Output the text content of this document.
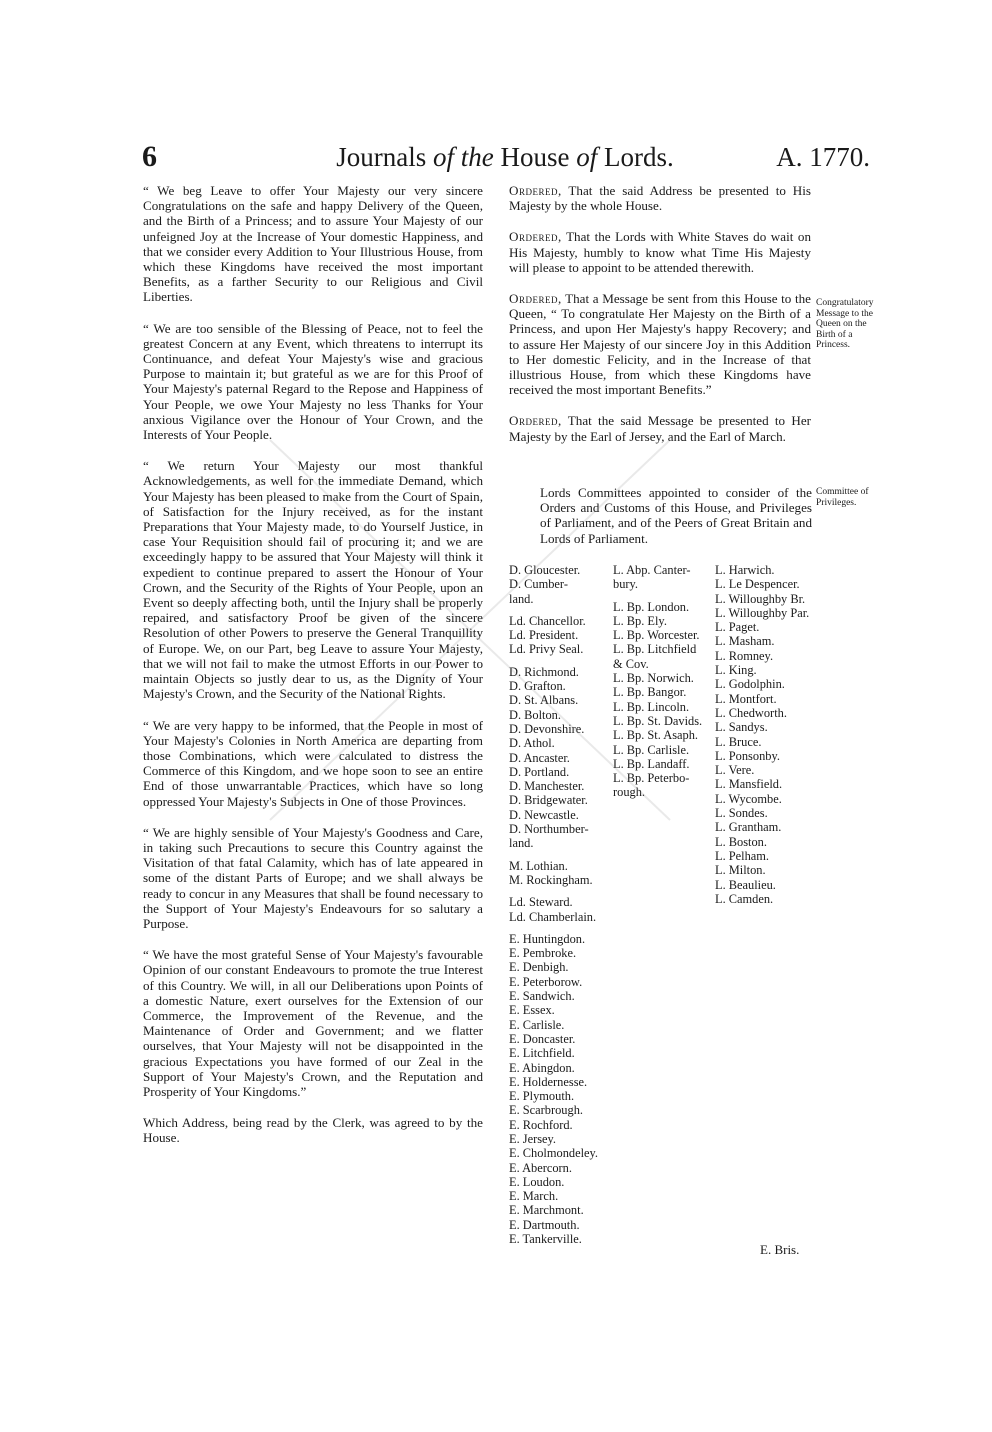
6	Journals of the House of Lords.	A. 1770.

“ We beg Leave to offer Your Majesty our very sincere Congratulations on the safe and happy Delivery of the Queen, and the Birth of a Princess; and to assure Your Majesty of our unfeigned Joy at the Increase of Your domestic Happiness, and that we consider every Addition to Your Illustrious House, from which these Kingdoms have received the most important Benefits, as a farther Security to our Religious and Civil Liberties.

“ We are too sensible of the Blessing of Peace, not to feel the greatest Concern at any Event, which threatens to interrupt its Continuance, and defeat Your Majesty's wise and gracious Purpose to maintain it; but grateful as we are for this Proof of Your Majesty's paternal Regard to the Repose and Happiness of Your People, we owe Your Majesty no less Thanks for Your anxious Vigilance over the Honour of Your Crown, and the Interests of Your People.

“ We return Your Majesty our most thankful Acknowledgements, as well for the immediate Demand, which Your Majesty has been pleased to make from the Court of Spain, of Satisfaction for the Injury received, as for the instant Preparations that Your Majesty made, to do Yourself Justice, in case Your Requisition should fail of procuring it; and we are exceedingly happy to be assured that Your Majesty will think it expedient to continue prepared to assert the Honour of Your Crown, and the Security of the Rights of Your People, upon an Event so deeply affecting both, until the Injury shall be properly repaired, and satisfactory Proof be given of the sincere Resolution of other Powers to preserve the General Tranquillity of Europe. We, on our Part, beg Leave to assure Your Majesty, that we will not fail to make the utmost Efforts in our Power to maintain Objects so justly dear to us, as the Dignity of Your Majesty's Crown, and the Security of the National Rights.

“ We are very happy to be informed, that the People in most of Your Majesty's Colonies in North America are departing from those Combinations, which were calculated to distress the Commerce of this Kingdom, and we hope soon to see an entire End of those unwarrantable Practices, which have so long oppressed Your Majesty's Subjects in One of those Provinces.

“ We are highly sensible of Your Majesty's Goodness and Care, in taking such Precautions to secure this Country against the Visitation of that fatal Calamity, which has of late appeared in some of the distant Parts of Europe; and we shall always be ready to concur in any Measures that shall be found necessary to the Support of Your Majesty's Endeavours for so salutary a Purpose.

“ We have the most grateful Sense of Your Majesty's favourable Opinion of our constant Endeavours to promote the true Interest of this Country. We will, in all our Deliberations upon Points of a domestic Nature, exert ourselves for the Extension of our Commerce, the Improvement of the Revenue, and the Maintenance of Order and Government; and we flatter ourselves, that Your Majesty will not be disappointed in the gracious Expectations you have formed of our Zeal in the Support of Your Majesty's Crown, and the Reputation and Prosperity of Your Kingdoms.”

Which Address, being read by the Clerk, was agreed to by the House.

Ordered, That the said Address be presented to His Majesty by the whole House.

Ordered, That the Lords with White Staves do wait on His Majesty, humbly to know what Time His Majesty will please to appoint to be attended therewith.

Ordered, That a Message be sent from this House to the Queen, “ To congratulate Her Majesty on the Birth of a Princess, and upon Her Majesty's happy Recovery; and to assure Her Majesty of our sincere Joy in this Addition to Her domestic Felicity, and in the Increase of that illustrious House, from which these Kingdoms have received the most important Benefits.”

Ordered, That the said Message be presented to Her Majesty by the Earl of Jersey, and the Earl of March.

Congratulatory Message to the Queen on the Birth of a Princess.
Committee of Privileges.
Lords Committees appointed to consider of the Orders and Customs of this House, and Privileges of Parliament, and of the Peers of Great Britain and Lords of Parliament.
D. Gloucester.
D. Cumber-
land.
Ld. Chancellor.
Ld. President.
Ld. Privy Seal.
D. Richmond.
D. Grafton.
D. St. Albans.
D. Bolton.
D. Devonshire.
D. Athol.
D. Ancaster.
D. Portland.
D. Manchester.
D. Bridgewater.
D. Newcastle.
D. Northumber-
land.
M. Lothian.
M. Rockingham.
Ld. Steward.
Ld. Chamberlain.
E. Huntingdon.
E. Pembroke.
E. Denbigh.
E. Peterborow.
E. Sandwich.
E. Essex.
E. Carlisle.
E. Doncaster.
E. Litchfield.
E. Abingdon.
E. Holdernesse.
E. Plymouth.
E. Scarbrough.
E. Rochford.
E. Jersey.
E. Cholmondeley.
E. Abercorn.
E. Loudon.
E. March.
E. Marchmont.
E. Dartmouth.
E. Tankerville.
L. Abp. Canter-
bury.
L. Bp. London.
L. Bp. Ely.
L. Bp. Worcester.
L. Bp. Litchfield
& Cov.
L. Bp. Norwich.
L. Bp. Bangor.
L. Bp. Lincoln.
L. Bp. St. Davids.
L. Bp. St. Asaph.
L. Bp. Carlisle.
L. Bp. Landaff.
L. Bp. Peterbo-
rough.
L. Harwich.
L. Le Despencer.
L. Willoughby Br.
L. Willoughby Par.
L. Paget.
L. Masham.
L. Romney.
L. King.
L. Godolphin.
L. Montfort.
L. Chedworth.
L. Sandys.
L. Bruce.
L. Ponsonby.
L. Vere.
L. Mansfield.
L. Wycombe.
L. Sondes.
L. Grantham.
L. Boston.
L. Pelham.
L. Milton.
L. Beaulieu.
L. Camden.
E. Bris.
